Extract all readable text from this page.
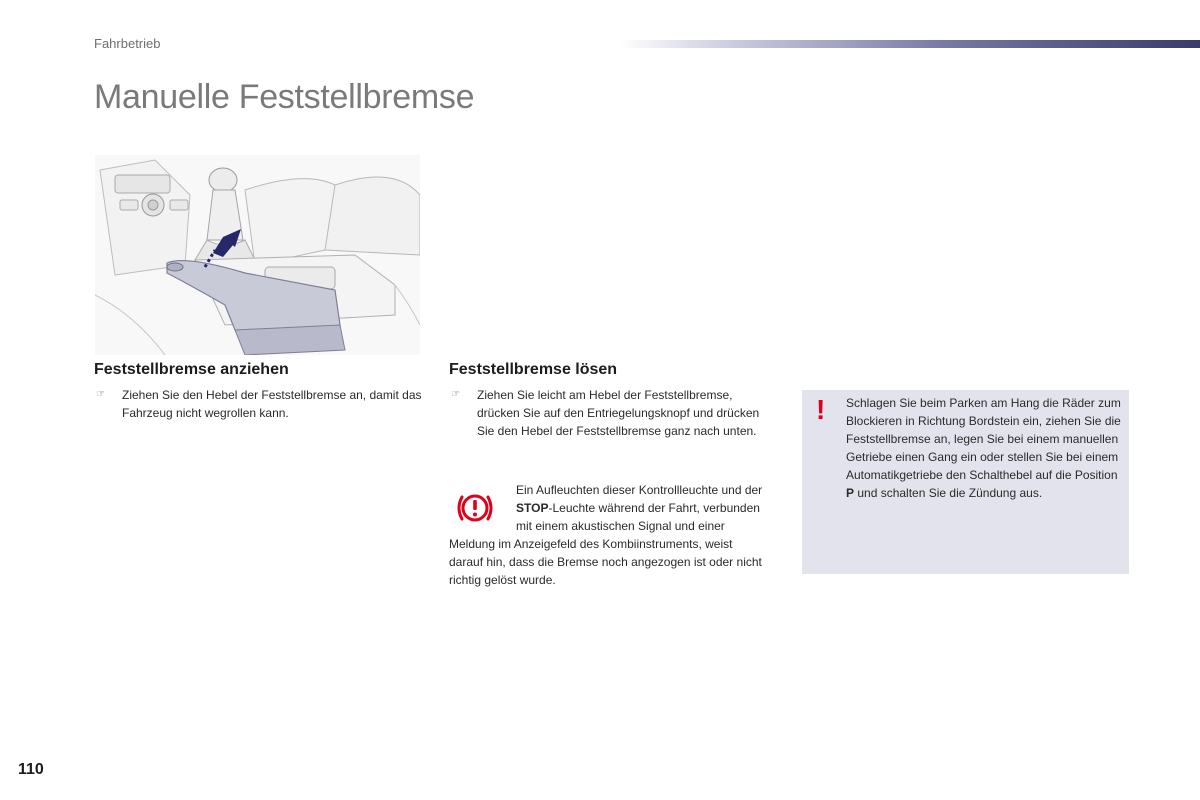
Fahrbetrieb
Manuelle Feststellbremse
Feststellbremse anziehen
☞	Ziehen Sie den Hebel der Feststellbremse an, damit das Fahrzeug nicht wegrollen kann.
Feststellbremse lösen
☞	Ziehen Sie leicht am Hebel der Feststellbremse, drücken Sie auf den Entriegelungsknopf und drücken Sie den Hebel der Feststellbremse ganz nach unten.
Ein Aufleuchten dieser Kontrollleuchte und der STOP-Leuchte während der Fahrt, verbunden mit einem akustischen Signal und einer Meldung im Anzeigefeld des Kombiinstruments, weist darauf hin, dass die Bremse noch angezogen ist oder nicht richtig gelöst wurde.
! Schlagen Sie beim Parken am Hang die Räder zum Blockieren in Richtung Bordstein ein, ziehen Sie die Feststellbremse an, legen Sie bei einem manuellen Getriebe einen Gang ein oder stellen Sie bei einem Automatikgetriebe den Schalthebel auf die Position P und schalten Sie die Zündung aus.
110
